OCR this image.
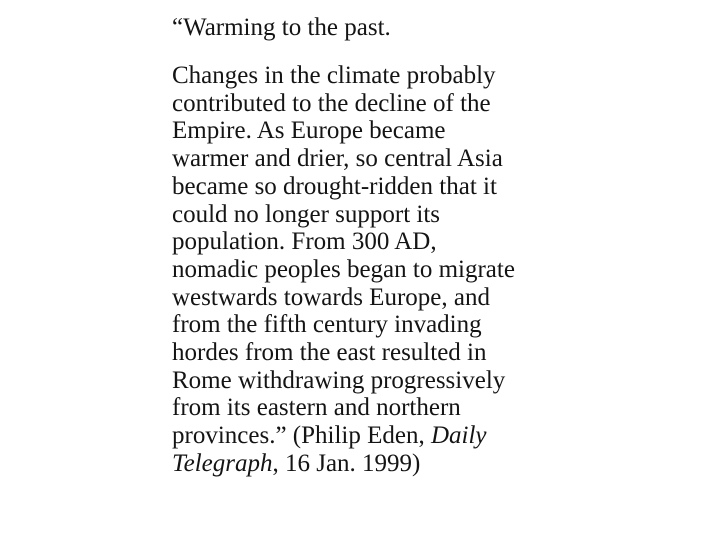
“Warming to the past.
Changes in the climate probably
contributed to the decline of the
Empire. As Europe became
warmer and drier, so central Asia
became so drought-ridden that it
could no longer support its
population. From 300 AD,
nomadic peoples began to migrate
westwards towards Europe, and
from the fifth century invading
hordes from the east resulted in
Rome withdrawing progressively
from its eastern and northern
provinces.” (Philip Eden, Daily
Telegraph, 16 Jan. 1999)
